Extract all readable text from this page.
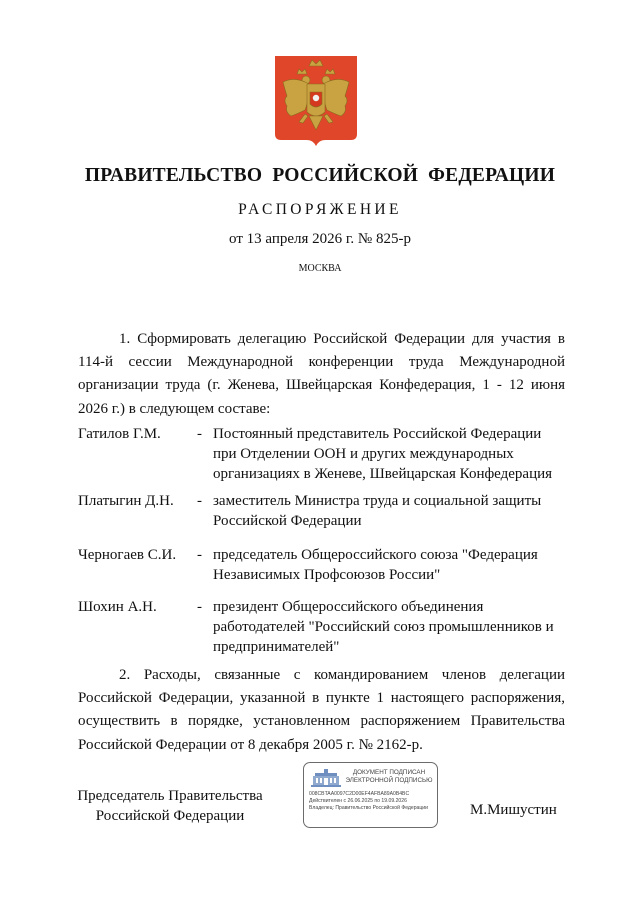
ПРАВИТЕЛЬСТВО РОССИЙСКОЙ ФЕДЕРАЦИИ
РАСПОРЯЖЕНИЕ
от 13 апреля 2026 г. № 825-р
МОСКВА
1. Сформировать делегацию Российской Федерации для участия в 114-й сессии Международной конференции труда Международной организации труда (г. Женева, Швейцарская Конфедерация, 1 - 12 июня 2026 г.) в следующем составе:
Гатилов Г.М. - Постоянный представитель Российской Федерации при Отделении ООН и других международных организациях в Женеве, Швейцарская Конфедерация
Платыгин Д.Н. - заместитель Министра труда и социальной защиты Российской Федерации
Черногаев С.И. - председатель Общероссийского союза "Федерация Независимых Профсоюзов России"
Шохин А.Н.	- президент Общероссийского объединения работодателей "Российский союз промышленников и предпринимателей"
2. Расходы, связанные с командированием членов делегации Российской Федерации, указанной в пункте 1 настоящего распоряжения, осуществить в порядке, установленном распоряжением Правительства Российской Федерации от 8 декабря 2005 г. № 2162-р.
Председатель Правительства Российской Федерации
ДОКУМЕНТ ПОДПИСАН ЭЛЕКТРОННОЙ ПОДПИСЬЮ
008CBTAA0097C2D00EF4AFBA89A0B4BC
Действителен с 26.06.2025 по 19.09.2026
Владелец: Правительство Российской Федерации	М.Мишустин
